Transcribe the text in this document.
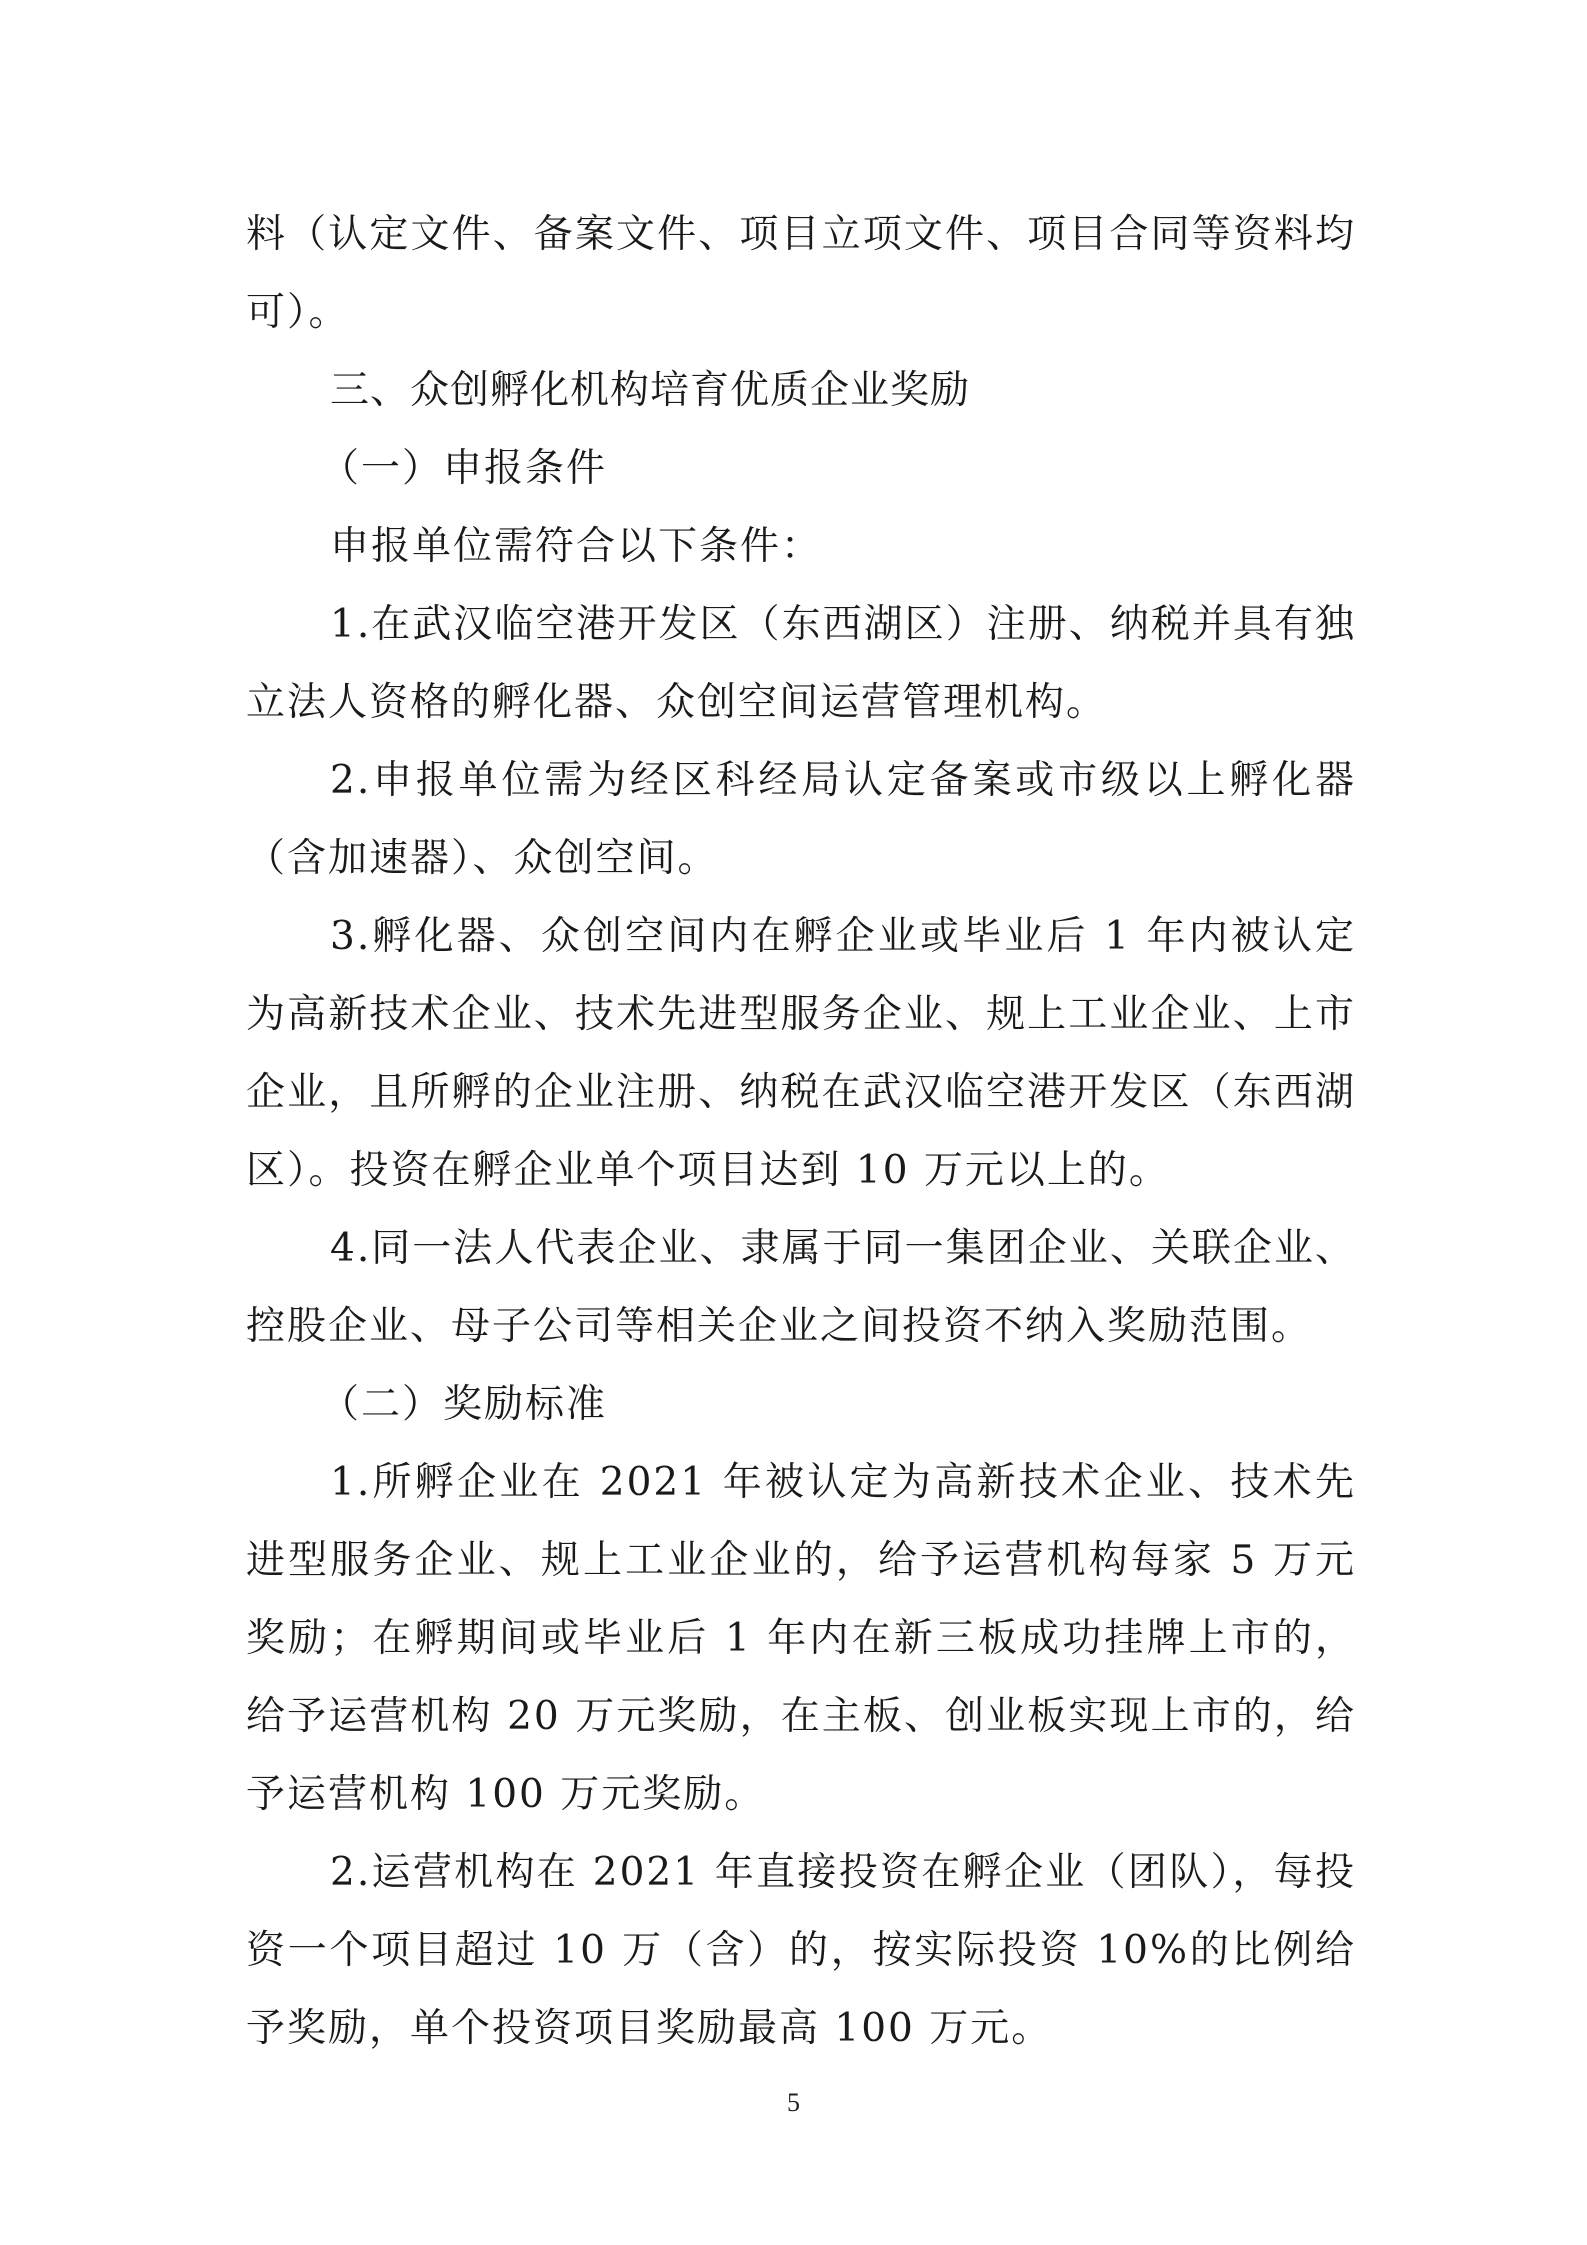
料（认定文件、备案文件、项目立项文件、项目合同等资料均可）。

三、众创孵化机构培育优质企业奖励

（一）申报条件

申报单位需符合以下条件：

1.在武汉临空港开发区（东西湖区）注册、纳税并具有独立法人资格的孵化器、众创空间运营管理机构。

2.申报单位需为经区科经局认定备案或市级以上孵化器（含加速器）、众创空间。

3.孵化器、众创空间内在孵企业或毕业后 1 年内被认定为高新技术企业、技术先进型服务企业、规上工业企业、上市企业，且所孵的企业注册、纳税在武汉临空港开发区（东西湖区）。投资在孵企业单个项目达到 10 万元以上的。

4.同一法人代表企业、隶属于同一集团企业、关联企业、控股企业、母子公司等相关企业之间投资不纳入奖励范围。

（二）奖励标准

1.所孵企业在 2021 年被认定为高新技术企业、技术先进型服务企业、规上工业企业的，给予运营机构每家 5 万元奖励；在孵期间或毕业后 1 年内在新三板成功挂牌上市的，给予运营机构 20 万元奖励，在主板、创业板实现上市的，给予运营机构 100 万元奖励。

2.运营机构在 2021 年直接投资在孵企业（团队），每投资一个项目超过 10 万（含）的，按实际投资 10%的比例给予奖励，单个投资项目奖励最高 100 万元。

5
